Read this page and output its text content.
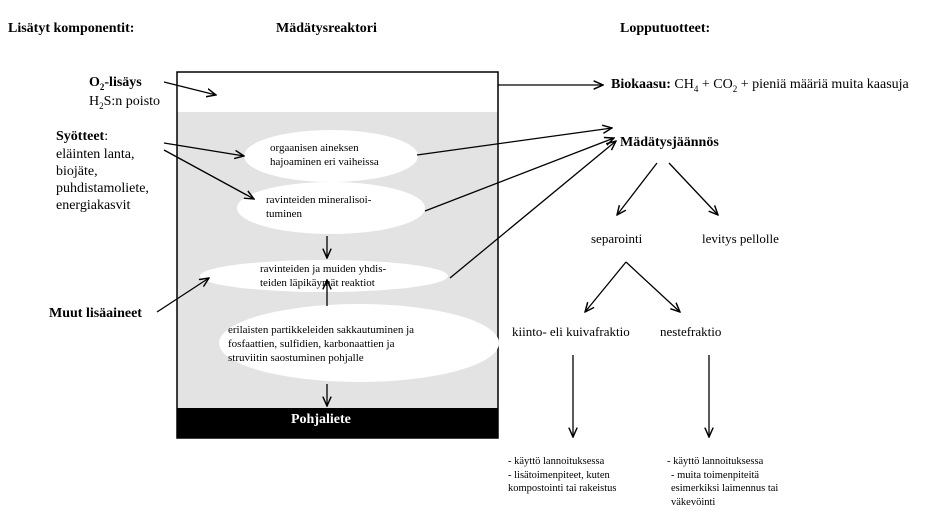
Lisätyt komponentit:	Mädätysreaktori	Lopputuotteet:
$O_2$-lisäys
$H_2S:n$ poisto
Syötteet:
eläinten lanta,
biojäte,
puhdistamoliete,
energiakasvit
Muut lisäaineet
orgaanisen aineksen
hajoaminen eri vaiheissa
ravinteiden mineralisoi-
tuminen
ravinteiden ja muiden yhdis-
teiden läpikäymät reaktiot
erilaisten partikkeleiden sakkautuminen ja
fosfaattien, sulfidien, karbonaattien ja
struviitin saostuminen pohjalle
Pohjaliete
Biokaasu: $CH_4 + CO_2$ + pieniä määriä muita kaasuja
Mädätysjäännös
separointi	levitys pellolle
kiinto- eli kuivafraktio nestefraktio
- käyttö lannoituksessa
- lisätoimenpiteet, kuten
kompostointi tai rakeistus
- käyttö lannoituksessa
- muita toimenpiteitä
esimerkiksi laimennus tai
väkevöinti
